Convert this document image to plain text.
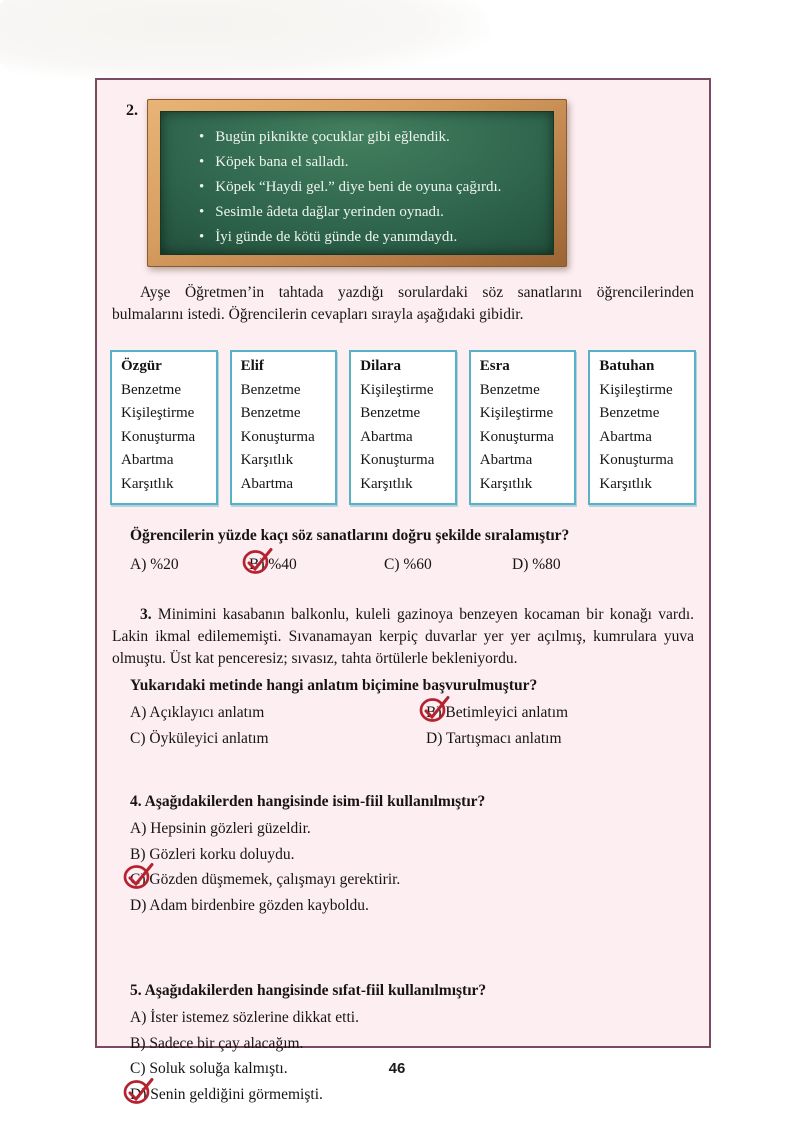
2.
• Bugün piknikte çocuklar gibi eğlendik.
• Köpek bana el salladı.
• Köpek “Haydi gel.” diye beni de oyuna çağırdı.
• Sesimle âdeta dağlar yerinden oynadı.
• İyi günde de kötü günde de yanımdaydı.

Ayşe Öğretmen’in tahtada yazdığı sorulardaki söz sanatlarını öğrencilerinden bulmalarını istedi. Öğrencilerin cevapları sırayla aşağıdaki gibidir.

Özgür
Benzetme
Kişileştirme
Konuşturma
Abartma
Karşıtlık
Elif
Benzetme
Benzetme
Konuşturma
Karşıtlık
Abartma
Dilara
Kişileştirme
Benzetme
Abartma
Konuşturma
Karşıtlık
Esra
Benzetme
Kişileştirme
Konuşturma
Abartma
Karşıtlık
Batuhan
Kişileştirme
Benzetme
Abartma
Konuşturma
Karşıtlık
Öğrencilerin yüzde kaçı söz sanatlarını doğru şekilde sıralamıştır?
A) %20	B) %40	C) %60	D) %80

3. Minimini kasabanın balkonlu, kuleli gazinoya benzeyen kocaman bir konağı vardı. Lakin ikmal edilememişti. Sıvanamayan kerpiç duvarlar yer yer açılmış, kumrulara yuva olmuştu. Üst kat penceresiz; sıvasız, tahta örtülerle bekleniyordu.

Yukarıdaki metinde hangi anlatım biçimine başvurulmuştur?
A) Açıklayıcı anlatım	B) Betimleyici anlatım
C) Öyküleyici anlatım	D) Tartışmacı anlatım
4. Aşağıdakilerden hangisinde isim-fiil kullanılmıştır?
A) Hepsinin gözleri güzeldir.
B) Gözleri korku doluydu.
C) Gözden düşmemek, çalışmayı gerektirir.
D) Adam birdenbire gözden kayboldu.
5. Aşağıdakilerden hangisinde sıfat-fiil kullanılmıştır?
A) İster istemez sözlerine dikkat etti.
B) Sadece bir çay alacağım.
C) Soluk soluğa kalmıştı.
D) Senin geldiğini görmemişti.
46
